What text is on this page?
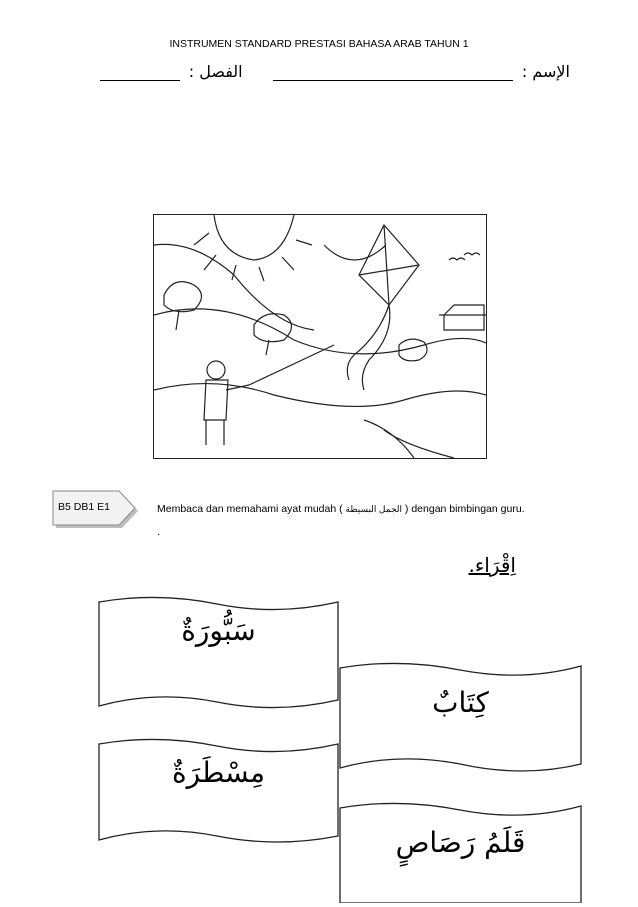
INSTRUMEN STANDARD PRESTASI BAHASA ARAB TAHUN 1
الإسم :   الفصل :
B5 DB1 E1	Membaca dan memahami ayat mudah ( الجمل البسيطة ) dengan bimbingan guru.
.
اِقْرَاء.
سَبُّورَةٌ
كِتَابٌ
مِسْطَرَةٌ
قَلَمُ رَصَاصٍ
